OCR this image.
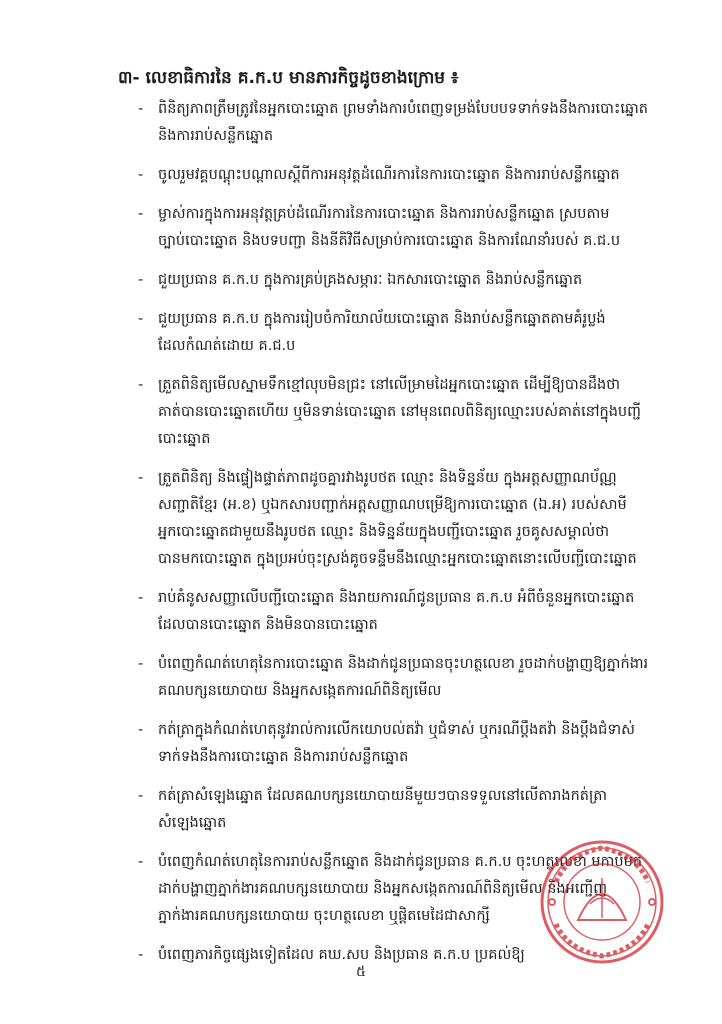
៣- លេខាធិការនៃ គ.ក.ប មានភារកិច្ចដូចខាងក្រោម ៖
- ពិនិត្យភាពត្រឹមត្រូវនៃអ្នកបោះឆ្នោត ព្រមទាំងការបំពេញទម្រង់បែបបទទាក់ទងនឹងការបោះឆ្នោត
និងការរាប់សន្លឹកឆ្នោត
- ចូលរួមវគ្គបណ្តុះបណ្តាលស្តីពីការអនុវត្តដំណើរការនៃការបោះឆ្នោត និងការរាប់សន្លឹកឆ្នោត
- ម្ចាស់ការក្នុងការអនុវត្តគ្រប់ដំណើរការនៃការបោះឆ្នោត និងការរាប់សន្លឹកឆ្នោត ស្របតាម
ច្បាប់បោះឆ្នោត និងបទបញ្ជា និងនីតិវិធីសម្រាប់ការបោះឆ្នោត និងការណែនាំរបស់ គ.ជ.ប
- ជួយប្រធាន គ.ក.ប ក្នុងការគ្រប់គ្រងសម្ភារៈ ឯកសារបោះឆ្នោត និងរាប់សន្លឹកឆ្នោត
- ជួយប្រធាន គ.ក.ប ក្នុងការរៀបចំការិយាល័យបោះឆ្នោត និងរាប់សន្លឹកឆ្នោតតាមគំរូប្លង់
ដែលកំណត់ដោយ គ.ជ.ប
- ត្រួតពិនិត្យមើលស្នាមទឹកខ្មៅលុបមិនជ្រះ នៅលើម្រាមដៃអ្នកបោះឆ្នោត ដើម្បីឱ្យបានដឹងថា
គាត់បានបោះឆ្នោតហើយ ឬមិនទាន់បោះឆ្នោត នៅមុនពេលពិនិត្យឈ្មោះរបស់គាត់នៅក្នុងបញ្ជី
បោះឆ្នោត
- ត្រួតពិនិត្យ និងផ្ទៀងផ្ទាត់ភាពដូចគ្នារវាងរូបថត ឈ្មោះ និងទិន្នន័យ ក្នុងអត្តសញ្ញាណប័ណ្ណ
សញ្ជាតិខ្មែរ (អ.ខ) ឬឯកសារបញ្ជាក់អត្តសញ្ញាណបម្រើឱ្យការបោះឆ្នោត (ឯ.អ) របស់សាមី
អ្នកបោះឆ្នោតជាមួយនឹងរូបថត ឈ្មោះ និងទិន្នន័យក្នុងបញ្ជីបោះឆ្នោត រួចគូសសម្គាល់ថា
បានមកបោះឆ្នោត ក្នុងប្រអប់ចុះស្រង់គូចទន្ទឹមនឹងឈ្មោះអ្នកបោះឆ្នោតនោះលើបញ្ជីបោះឆ្នោត
- រាប់គំនូសសញ្ញាលើបញ្ជីបោះឆ្នោត និងរាយការណ៍ជូនប្រធាន គ.ក.ប អំពីចំនួនអ្នកបោះឆ្នោត
ដែលបានបោះឆ្នោត និងមិនបានបោះឆ្នោត
- បំពេញកំណត់ហេតុនៃការបោះឆ្នោត និងដាក់ជូនប្រធានចុះហត្ថលេខា រួចដាក់បង្ហាញឱ្យភ្នាក់ងារ
គណបក្សនយោបាយ និងអ្នកសង្កេតការណ៍ពិនិត្យមើល
- កត់ត្រាក្នុងកំណត់ហេតុនូវរាល់ការលើកយោបល់តវ៉ា ឬជំទាស់ ឬករណីប្តឹងតវ៉ា និងប្តឹងជំទាស់
ទាក់ទងនឹងការបោះឆ្នោត និងការរាប់សន្លឹកឆ្នោត
- កត់ត្រាសំឡេងឆ្នោត ដែលគណបក្សនយោបាយនីមួយៗបានទទួលនៅលើតារាងកត់ត្រា
សំឡេងឆ្នោត
- បំពេញកំណត់ហេតុនៃការរាប់សន្លឹកឆ្នោត និងដាក់ជូនប្រធាន គ.ក.ប ចុះហត្ថលេខា មកាប់មក
ដាក់បង្ហាញភ្នាក់ងារគណបក្សនយោបាយ និងអ្នកសង្កេតការណ៍ពិនិត្យមើល និងអញ្ជើញ
ភ្នាក់ងារគណបក្សនយោបាយ ចុះហត្ថលេខា ឬផ្តិតមេដៃជាសាក្សី
- បំពេញភារកិច្ចផ្សេងទៀតដែល គឃ.សប និងប្រធាន គ.ក.ប ប្រគល់ឱ្យ
៥
